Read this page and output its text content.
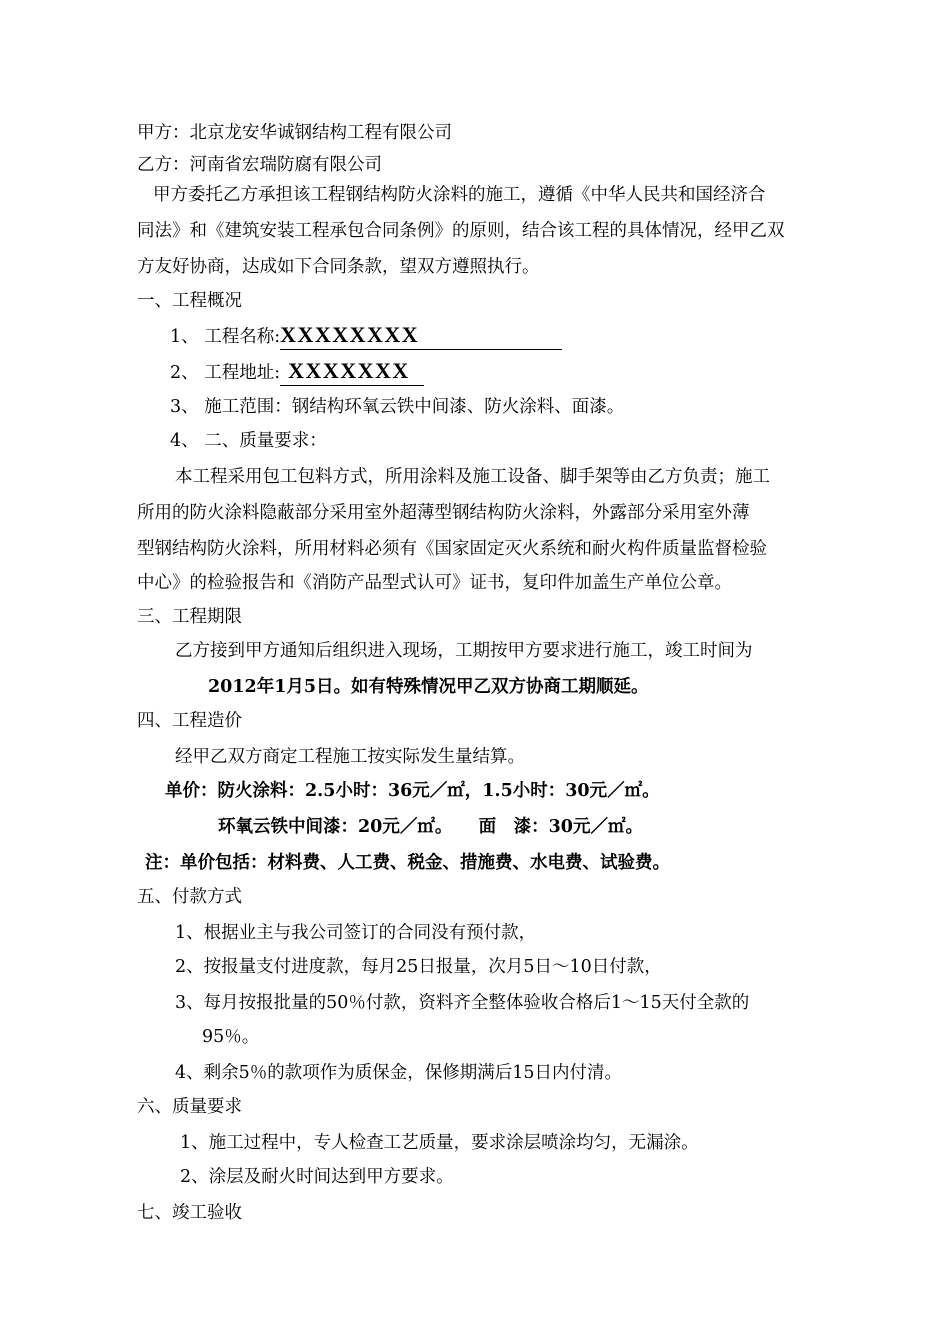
甲方：北京龙安华诚钢结构工程有限公司

乙方：河南省宏瑞防腐有限公司

甲方委托乙方承担该工程钢结构防火涂料的施工，遵循《中华人民共和国经济合

同法》和《建筑安装工程承包合同条例》的原则，结合该工程的具体情况，经甲乙双

方友好协商，达成如下合同条款，望双方遵照执行。

一、工程概况

1、 工程名称:XXXXXXXX
2、 工程地址: XXXXXXX

3、 施工范围：钢结构环氧云铁中间漆、防火涂料、面漆。

4、 二、质量要求：

本工程采用包工包料方式，所用涂料及施工设备、脚手架等由乙方负责；施工

所用的防火涂料隐蔽部分采用室外超薄型钢结构防火涂料，外露部分采用室外薄

型钢结构防火涂料，所用材料必须有《国家固定灭火系统和耐火构件质量监督检验

中心》的检验报告和《消防产品型式认可》证书，复印件加盖生产单位公章。

三、工程期限

乙方接到甲方通知后组织进入现场，工期按甲方要求进行施工，竣工时间为

2012年1月5日。如有特殊情况甲乙双方协商工期顺延。

四、工程造价

经甲乙双方商定工程施工按实际发生量结算。

单价：防火涂料：2.5小时：36元／㎡，1.5小时：30元／㎡。

环氧云铁中间漆：20元／㎡。　　面　漆：30元／㎡。

注：单价包括：材料费、人工费、税金、措施费、水电费、试验费。

五、付款方式

1、根据业主与我公司签订的合同没有预付款，

2、按报量支付进度款，每月25日报量，次月5日～10日付款，

3、每月按报批量的50％付款，资料齐全整体验收合格后1～15天付全款的

95％。

4、剩余5％的款项作为质保金，保修期满后15日内付清。

六、质量要求

1、施工过程中，专人检查工艺质量，要求涂层喷涂均匀，无漏涂。

2、涂层及耐火时间达到甲方要求。

七、竣工验收
